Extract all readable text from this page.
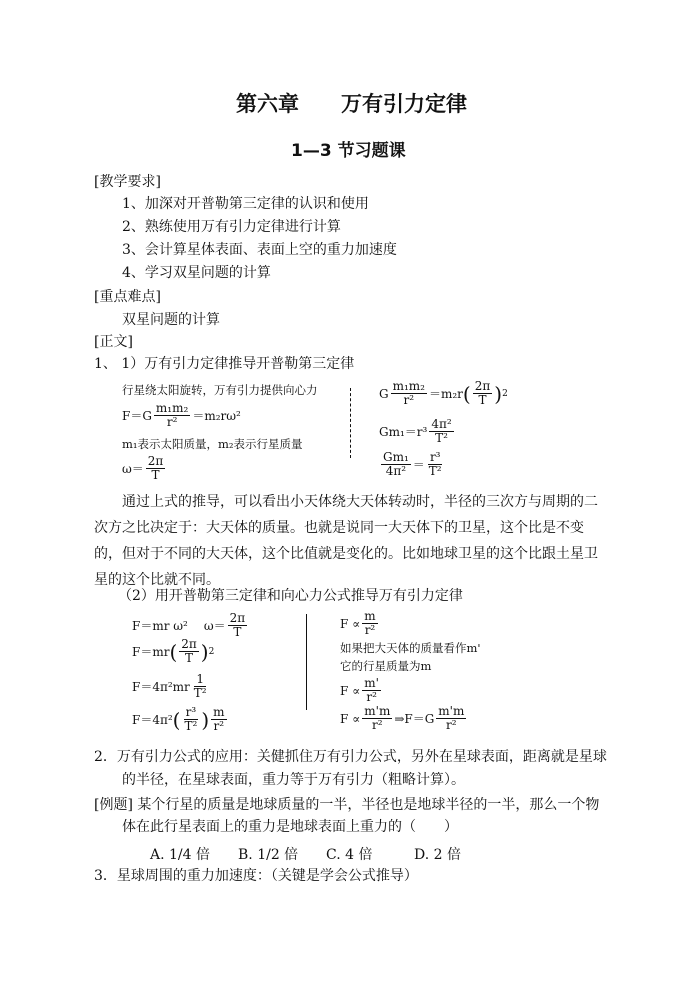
第六章　　万有引力定律
1—3 节习题课
[教学要求]
1、加深对开普勒第三定律的认识和使用
2、熟练使用万有引力定律进行计算
3、会计算星体表面、表面上空的重力加速度
4、学习双星问题的计算
[重点难点]
双星问题的计算
[正文]
1、 1）万有引力定律推导开普勒第三定律
行星绕太阳旋转，万有引力提供向心力
$F=G \frac{\text{m₁m₂}}{\text{r²}} =m_2r\omega^2$
m₁表示太阳质量，m₂表示行星质量
$\omega= \frac{2\pi}{T}$
G $\frac{\text{m₁m₂}}{\text{r²}} =m_2r$ ( $\frac{2\pi}{T}$ ) 2
$Gm_1=r^3 \frac{\text{4π²}}{\text{T²}}$
$\frac{\text{Gm₁}}{\text{4π²}} = \frac{\text{r³}}{\text{T²}}$
通过上式的推导，可以看出小天体绕大天体转动时，半径的三次方与周期的二次方之比决定于：大天体的质量。也就是说同一大天体下的卫星，这个比是不变的，但对于不同的大天体，这个比值就是变化的。比如地球卫星的这个比跟土星卫星的这个比就不同。
（2）用开普勒第三定律和向心力公式推导万有引力定律
F＝mr ω² $\omega= \frac{2\pi}{T}$
F＝mr ( $\frac{2\pi}{T}$ ) 2
$F=4\pi^2mr \frac{1}{\text{T²}}$
F＝4π² ( $\frac{\text{r³}}{\text{T²}}$ ) $\frac{m}{\text{r²}}$
$F \propto \frac{m}{\text{r²}}$
如果把大天体的质量看作m'
它的行星质量为m
$F \propto \frac{m'}{\text{r²}}$
$F \propto \frac{m'm}{\text{r²}}$ ⇒F＝G $\frac{m'm}{\text{r²}}$
2．万有引力公式的应用：关健抓住万有引力公式，另外在星球表面，距离就是星球
的半径，在星球表面，重力等于万有引力（粗略计算）。
[例题] 某个行星的质量是地球质量的一半，半径也是地球半径的一半，那么一个物
体在此行星表面上的重力是地球表面上重力的（　　）
A. 1/4 倍 B. 1/2 倍 C. 4 倍	D. 2 倍
3．星球周围的重力加速度：（关键是学会公式推导）
